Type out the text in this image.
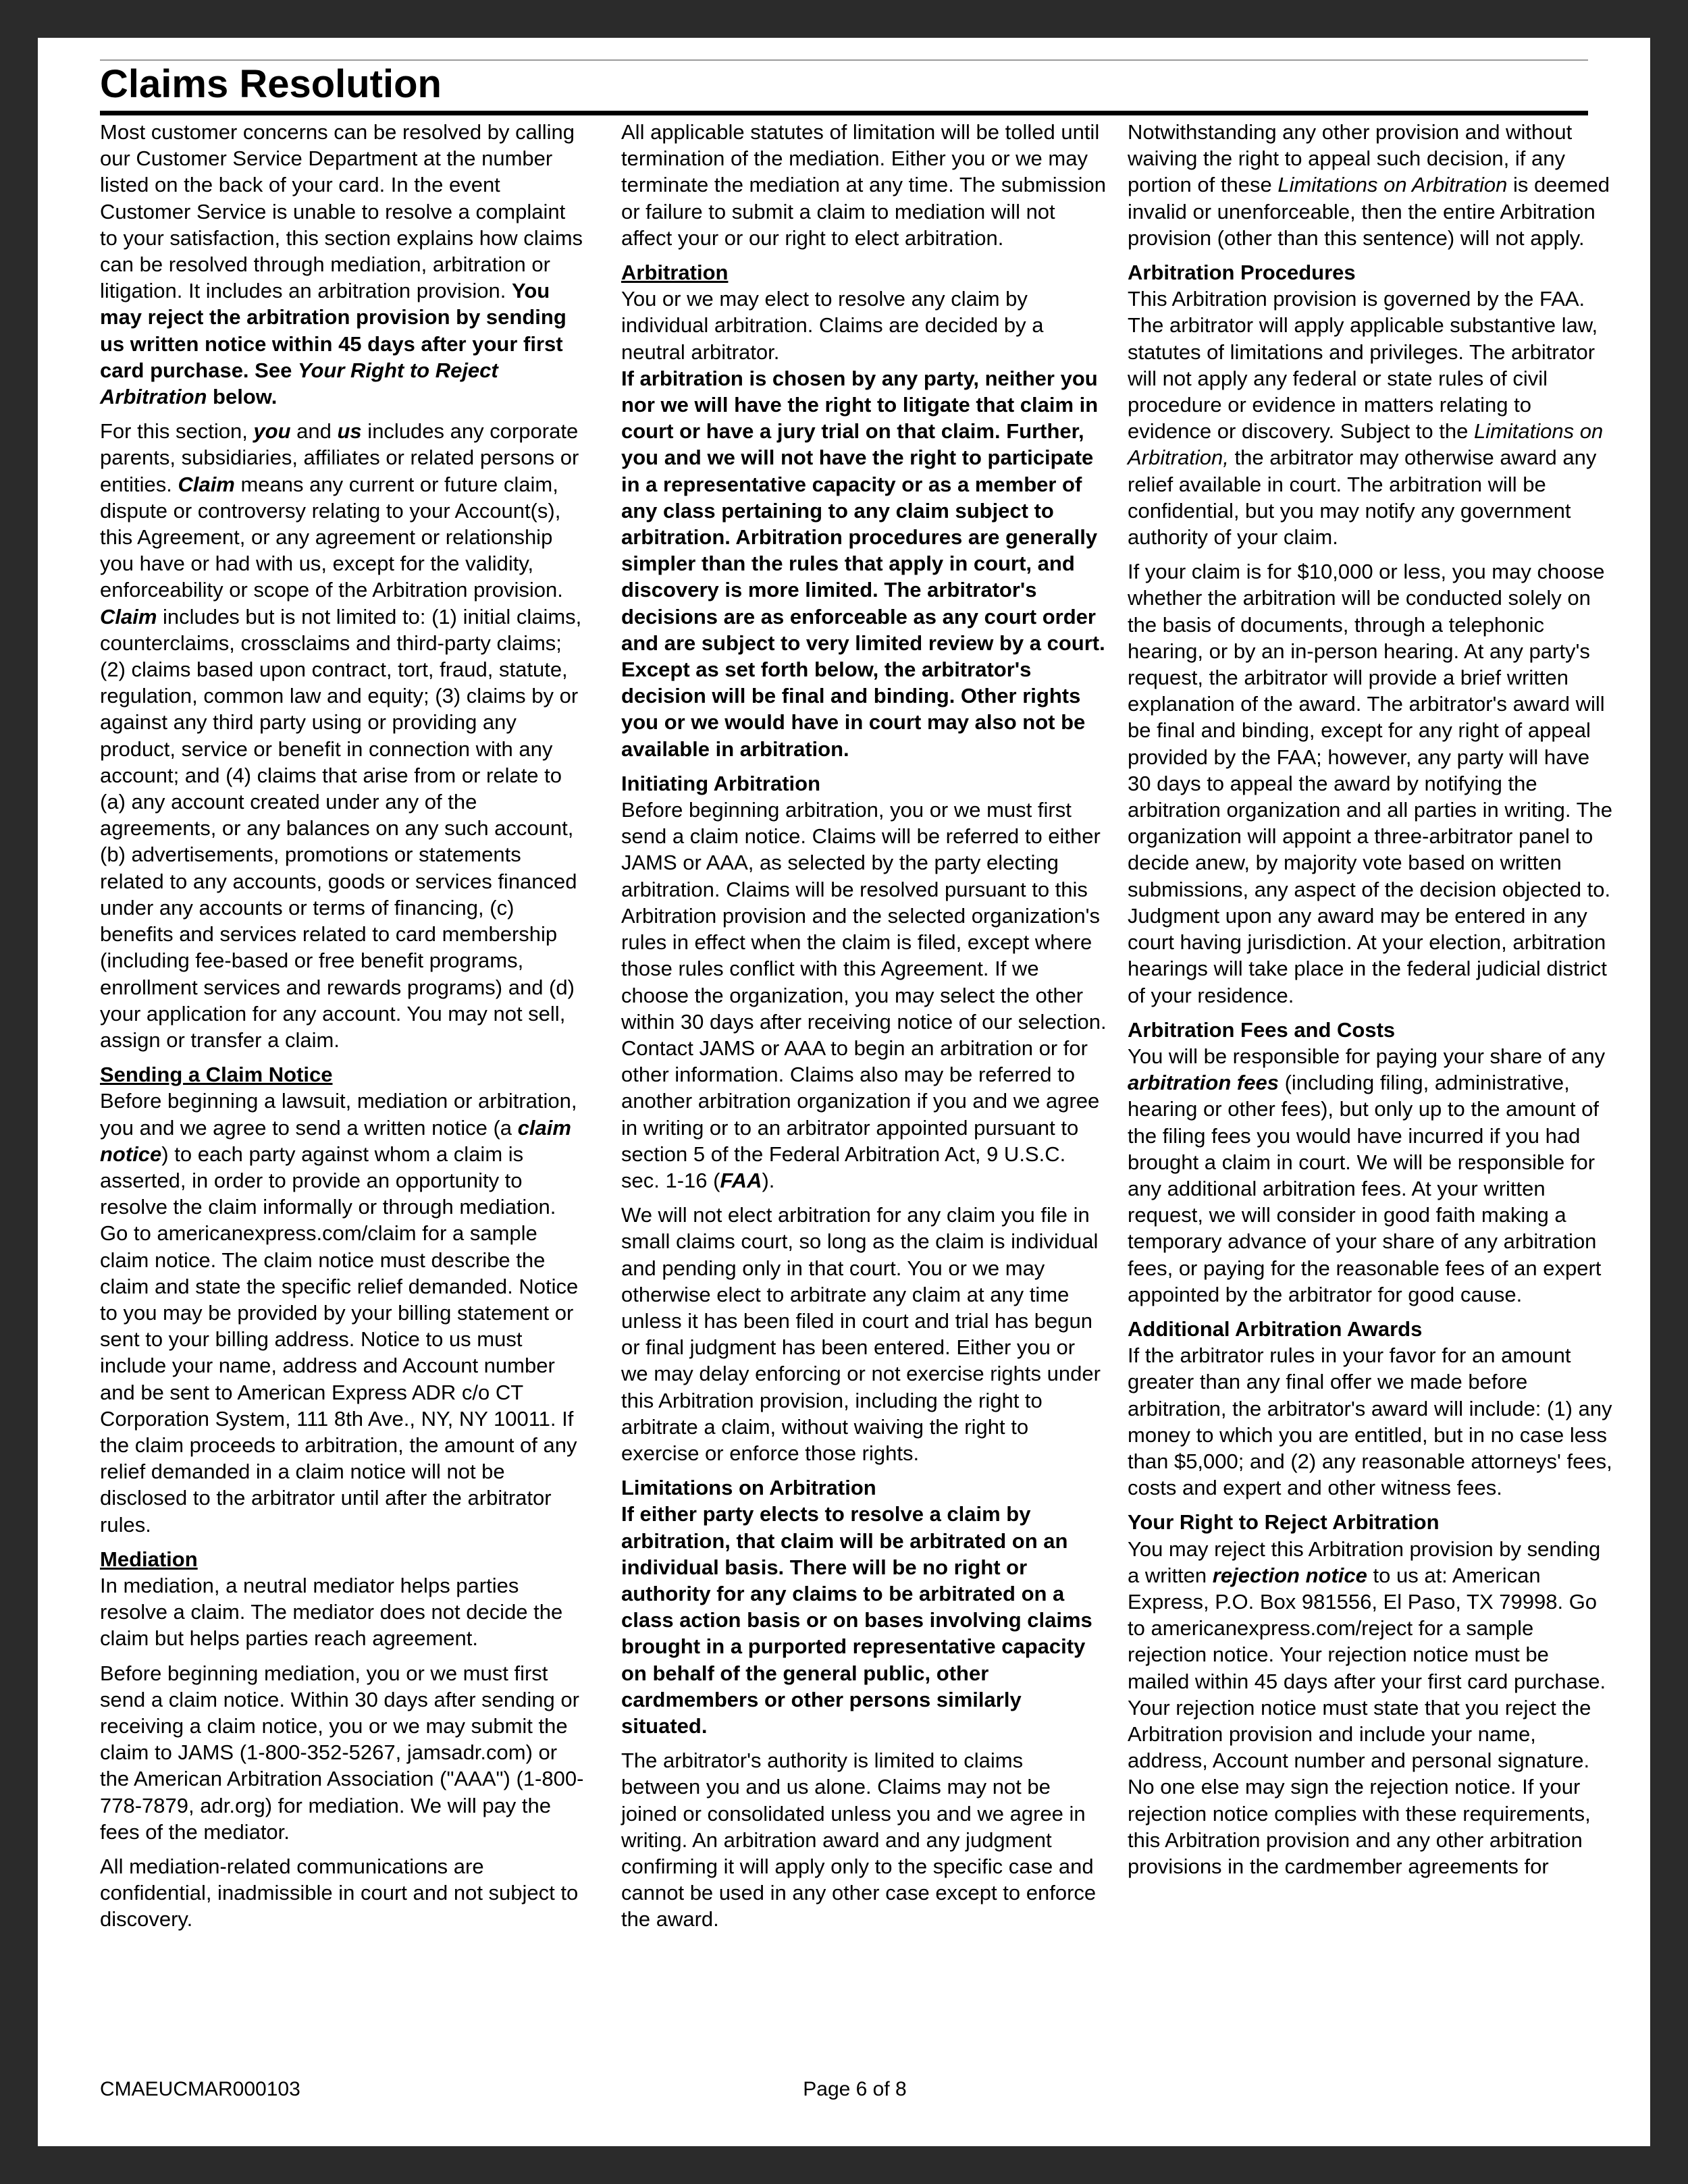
Claims Resolution

Most customer concerns can be resolved by calling our Customer Service Department at the number listed on the back of your card. In the event Customer Service is unable to resolve a complaint to your satisfaction, this section explains how claims can be resolved through mediation, arbitration or litigation. It includes an arbitration provision. You may reject the arbitration provision by sending us written notice within 45 days after your first card purchase. See Your Right to Reject Arbitration below.

For this section, you and us includes any corporate parents, subsidiaries, affiliates or related persons or entities. Claim means any current or future claim, dispute or controversy relating to your Account(s), this Agreement, or any agreement or relationship you have or had with us, except for the validity, enforceability or scope of the Arbitration provision. Claim includes but is not limited to: (1) initial claims, counterclaims, crossclaims and third-party claims; (2) claims based upon contract, tort, fraud, statute, regulation, common law and equity; (3) claims by or against any third party using or providing any product, service or benefit in connection with any account; and (4) claims that arise from or relate to (a) any account created under any of the agreements, or any balances on any such account, (b) advertisements, promotions or statements related to any accounts, goods or services financed under any accounts or terms of financing, (c) benefits and services related to card membership (including fee-based or free benefit programs, enrollment services and rewards programs) and (d) your application for any account. You may not sell, assign or transfer a claim.

Sending a Claim Notice

Before beginning a lawsuit, mediation or arbitration, you and we agree to send a written notice (a claim notice) to each party against whom a claim is asserted, in order to provide an opportunity to resolve the claim informally or through mediation. Go to americanexpress.com/claim for a sample claim notice. The claim notice must describe the claim and state the specific relief demanded. Notice to you may be provided by your billing statement or sent to your billing address. Notice to us must include your name, address and Account number and be sent to American Express ADR c/o CT Corporation System, 111 8th Ave., NY, NY 10011. If the claim proceeds to arbitration, the amount of any relief demanded in a claim notice will not be disclosed to the arbitrator until after the arbitrator rules.

Mediation

In mediation, a neutral mediator helps parties resolve a claim. The mediator does not decide the claim but helps parties reach agreement.

Before beginning mediation, you or we must first send a claim notice. Within 30 days after sending or receiving a claim notice, you or we may submit the claim to JAMS (1-800-352-5267, jamsadr.com) or the American Arbitration Association ("AAA") (1-800-778-7879, adr.org) for mediation. We will pay the fees of the mediator.

All mediation-related communications are confidential, inadmissible in court and not subject to discovery.

All applicable statutes of limitation will be tolled until termination of the mediation. Either you or we may terminate the mediation at any time. The submission or failure to submit a claim to mediation will not affect your or our right to elect arbitration.

Arbitration

You or we may elect to resolve any claim by individual arbitration. Claims are decided by a neutral arbitrator.

If arbitration is chosen by any party, neither you nor we will have the right to litigate that claim in court or have a jury trial on that claim. Further, you and we will not have the right to participate in a representative capacity or as a member of any class pertaining to any claim subject to arbitration. Arbitration procedures are generally simpler than the rules that apply in court, and discovery is more limited. The arbitrator's decisions are as enforceable as any court order and are subject to very limited review by a court. Except as set forth below, the arbitrator's decision will be final and binding. Other rights you or we would have in court may also not be available in arbitration.

Initiating Arbitration

Before beginning arbitration, you or we must first send a claim notice. Claims will be referred to either JAMS or AAA, as selected by the party electing arbitration. Claims will be resolved pursuant to this Arbitration provision and the selected organization's rules in effect when the claim is filed, except where those rules conflict with this Agreement. If we choose the organization, you may select the other within 30 days after receiving notice of our selection. Contact JAMS or AAA to begin an arbitration or for other information. Claims also may be referred to another arbitration organization if you and we agree in writing or to an arbitrator appointed pursuant to section 5 of the Federal Arbitration Act, 9 U.S.C. sec. 1-16 (FAA).

We will not elect arbitration for any claim you file in small claims court, so long as the claim is individual and pending only in that court. You or we may otherwise elect to arbitrate any claim at any time unless it has been filed in court and trial has begun or final judgment has been entered. Either you or we may delay enforcing or not exercise rights under this Arbitration provision, including the right to arbitrate a claim, without waiving the right to exercise or enforce those rights.

Limitations on Arbitration

If either party elects to resolve a claim by arbitration, that claim will be arbitrated on an individual basis. There will be no right or authority for any claims to be arbitrated on a class action basis or on bases involving claims brought in a purported representative capacity on behalf of the general public, other cardmembers or other persons similarly situated.

The arbitrator's authority is limited to claims between you and us alone. Claims may not be joined or consolidated unless you and we agree in writing. An arbitration award and any judgment confirming it will apply only to the specific case and cannot be used in any other case except to enforce the award.

Notwithstanding any other provision and without waiving the right to appeal such decision, if any portion of these Limitations on Arbitration is deemed invalid or unenforceable, then the entire Arbitration provision (other than this sentence) will not apply.

Arbitration Procedures

This Arbitration provision is governed by the FAA. The arbitrator will apply applicable substantive law, statutes of limitations and privileges. The arbitrator will not apply any federal or state rules of civil procedure or evidence in matters relating to evidence or discovery. Subject to the Limitations on Arbitration, the arbitrator may otherwise award any relief available in court. The arbitration will be confidential, but you may notify any government authority of your claim.

If your claim is for $10,000 or less, you may choose whether the arbitration will be conducted solely on the basis of documents, through a telephonic hearing, or by an in-person hearing. At any party's request, the arbitrator will provide a brief written explanation of the award. The arbitrator's award will be final and binding, except for any right of appeal provided by the FAA; however, any party will have 30 days to appeal the award by notifying the arbitration organization and all parties in writing. The organization will appoint a three-arbitrator panel to decide anew, by majority vote based on written submissions, any aspect of the decision objected to. Judgment upon any award may be entered in any court having jurisdiction. At your election, arbitration hearings will take place in the federal judicial district of your residence.

Arbitration Fees and Costs

You will be responsible for paying your share of any arbitration fees (including filing, administrative, hearing or other fees), but only up to the amount of the filing fees you would have incurred if you had brought a claim in court. We will be responsible for any additional arbitration fees. At your written request, we will consider in good faith making a temporary advance of your share of any arbitration fees, or paying for the reasonable fees of an expert appointed by the arbitrator for good cause.

Additional Arbitration Awards

If the arbitrator rules in your favor for an amount greater than any final offer we made before arbitration, the arbitrator's award will include: (1) any money to which you are entitled, but in no case less than $5,000; and (2) any reasonable attorneys' fees, costs and expert and other witness fees.

Your Right to Reject Arbitration

You may reject this Arbitration provision by sending a written rejection notice to us at: American Express, P.O. Box 981556, El Paso, TX 79998. Go to americanexpress.com/reject for a sample rejection notice. Your rejection notice must be mailed within 45 days after your first card purchase. Your rejection notice must state that you reject the Arbitration provision and include your name, address, Account number and personal signature. No one else may sign the rejection notice. If your rejection notice complies with these requirements, this Arbitration provision and any other arbitration provisions in the cardmember agreements for

CMAEUCMAR000103	Page 6 of 8
